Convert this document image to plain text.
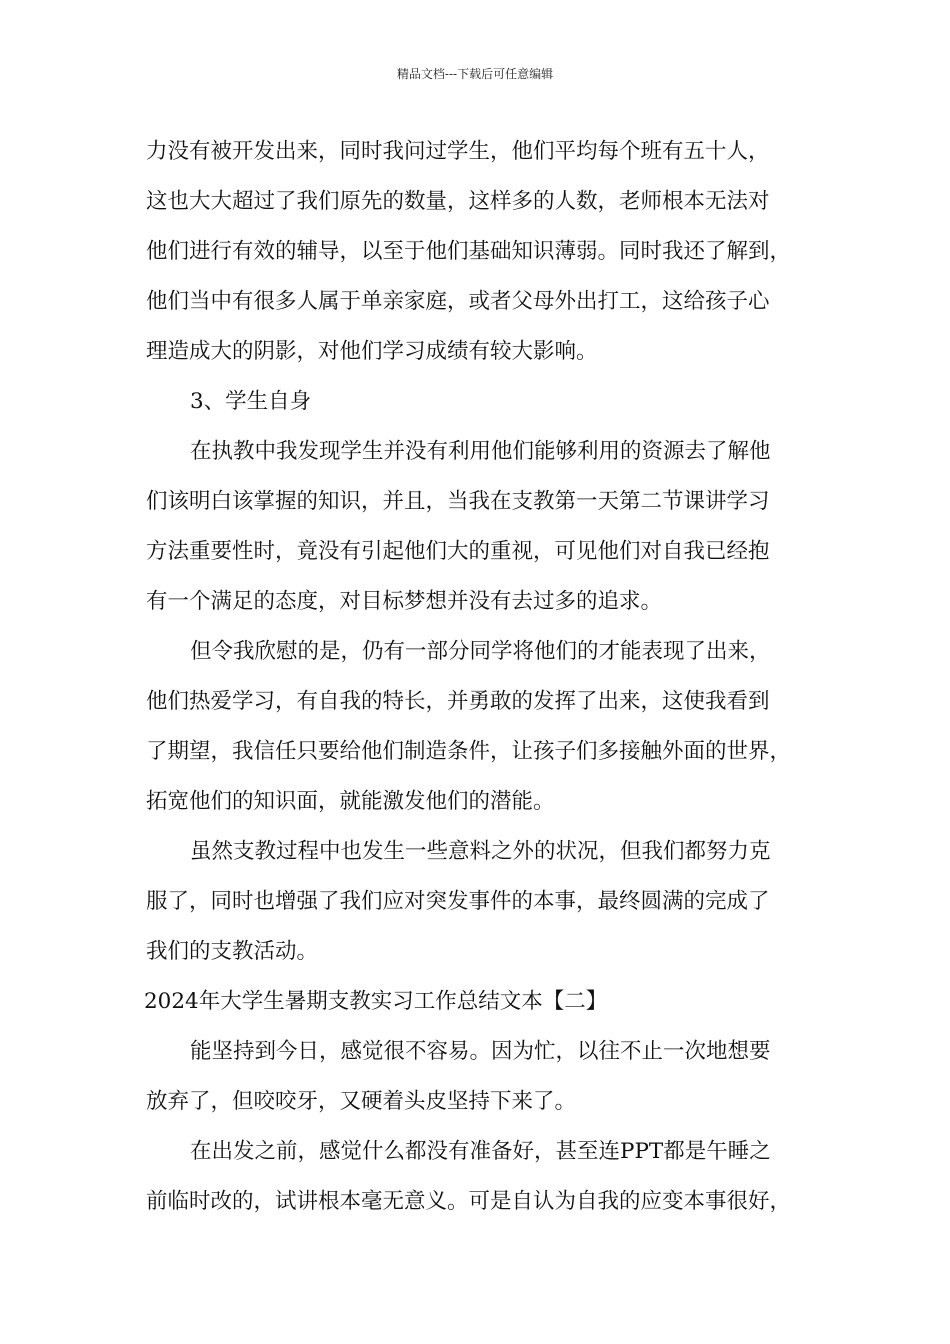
精品文档---下载后可任意编辑
力没有被开发出来，同时我问过学生，他们平均每个班有五十人，
这也大大超过了我们原先的数量，这样多的人数，老师根本无法对
他们进行有效的辅导，以至于他们基础知识薄弱。同时我还了解到，
他们当中有很多人属于单亲家庭，或者父母外出打工，这给孩子心
理造成大的阴影，对他们学习成绩有较大影响。
3、学生自身
在执教中我发现学生并没有利用他们能够利用的资源去了解他
们该明白该掌握的知识，并且，当我在支教第一天第二节课讲学习
方法重要性时，竟没有引起他们大的重视，可见他们对自我已经抱
有一个满足的态度，对目标梦想并没有去过多的追求。
但令我欣慰的是，仍有一部分同学将他们的才能表现了出来，
他们热爱学习，有自我的特长，并勇敢的发挥了出来，这使我看到
了期望，我信任只要给他们制造条件，让孩子们多接触外面的世界，
拓宽他们的知识面，就能激发他们的潜能。
虽然支教过程中也发生一些意料之外的状况，但我们都努力克
服了，同时也增强了我们应对突发事件的本事，最终圆满的完成了
我们的支教活动。
2024年大学生暑期支教实习工作总结文本【二】
能坚持到今日，感觉很不容易。因为忙，以往不止一次地想要
放弃了，但咬咬牙，又硬着头皮坚持下来了。
在出发之前，感觉什么都没有准备好，甚至连PPT都是午睡之
前临时改的，试讲根本毫无意义。可是自认为自我的应变本事很好，
